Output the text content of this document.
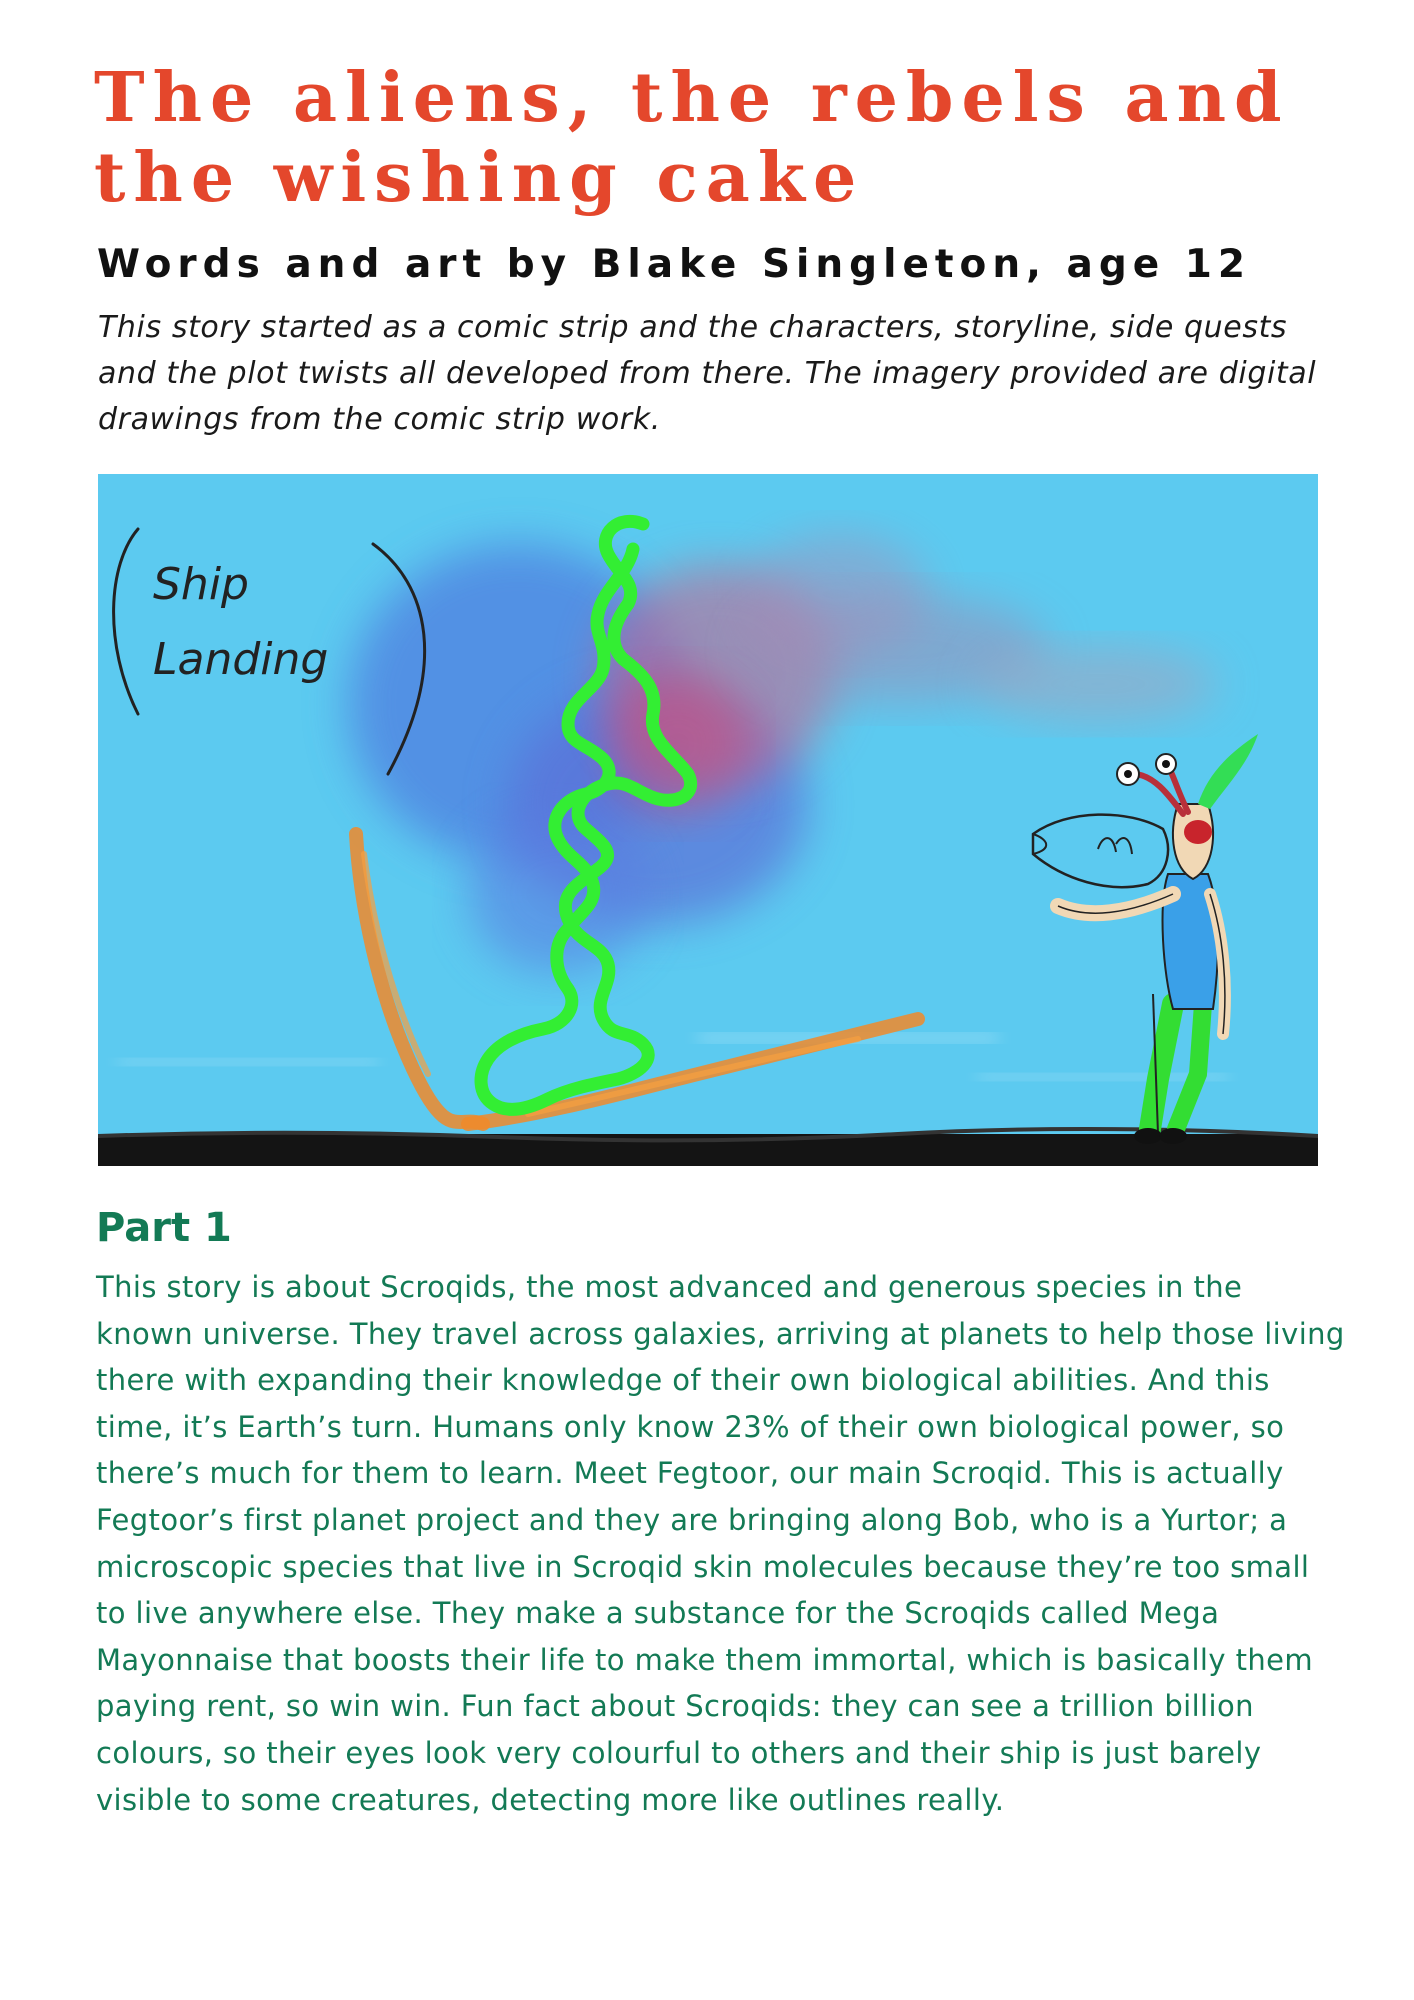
The aliens, the rebels and
the wishing cake

Words and art by Blake Singleton, age 12

This story started as a comic strip and the characters, storyline, side quests and the plot twists all developed from there. The imagery provided are digital drawings from the comic strip work.

Ship
Landing
Part 1

This story is about Scroqids, the most advanced and generous species in the known universe. They travel across galaxies, arriving at planets to help those living there with expanding their knowledge of their own biological abilities. And this time, it’s Earth’s turn. Humans only know 23% of their own biological power, so there’s much for them to learn. Meet Fegtoor, our main Scroqid. This is actually Fegtoor’s first planet project and they are bringing along Bob, who is a Yurtor; a microscopic species that live in Scroqid skin molecules because they’re too small to live anywhere else. They make a substance for the Scroqids called Mega Mayonnaise that boosts their life to make them immortal, which is basically them paying rent, so win win. Fun fact about Scroqids: they can see a trillion billion colours, so their eyes look very colourful to others and their ship is just barely visible to some creatures, detecting more like outlines really.
